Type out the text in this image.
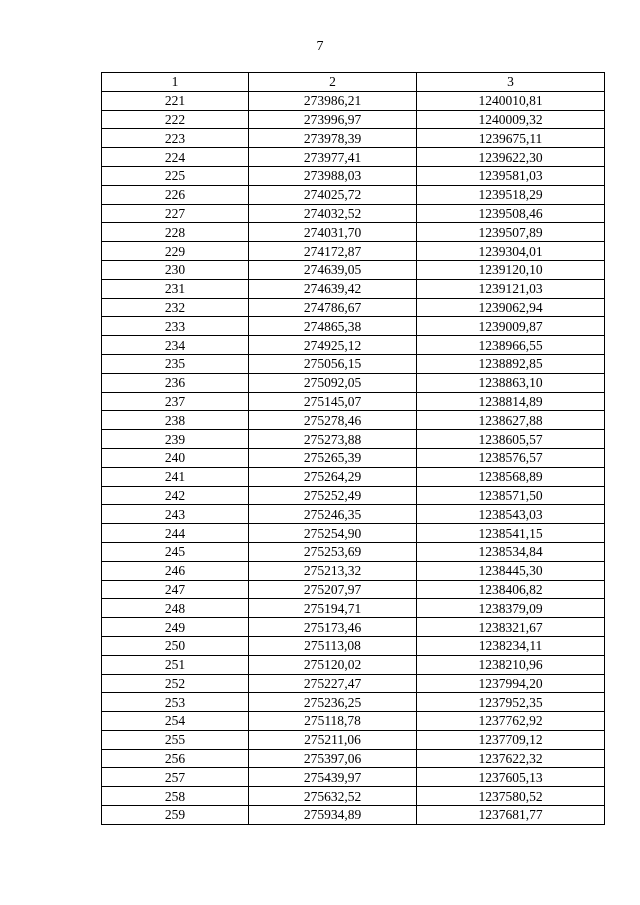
7
1	2	3
221	273986,21	1240010,81
222	273996,97	1240009,32
223	273978,39	1239675,11
224	273977,41	1239622,30
225	273988,03	1239581,03
226	274025,72	1239518,29
227	274032,52	1239508,46
228	274031,70	1239507,89
229	274172,87	1239304,01
230	274639,05	1239120,10
231	274639,42	1239121,03
232	274786,67	1239062,94
233	274865,38	1239009,87
234	274925,12	1238966,55
235	275056,15	1238892,85
236	275092,05	1238863,10
237	275145,07	1238814,89
238	275278,46	1238627,88
239	275273,88	1238605,57
240	275265,39	1238576,57
241	275264,29	1238568,89
242	275252,49	1238571,50
243	275246,35	1238543,03
244	275254,90	1238541,15
245	275253,69	1238534,84
246	275213,32	1238445,30
247	275207,97	1238406,82
248	275194,71	1238379,09
249	275173,46	1238321,67
250	275113,08	1238234,11
251	275120,02	1238210,96
252	275227,47	1237994,20
253	275236,25	1237952,35
254	275118,78	1237762,92
255	275211,06	1237709,12
256	275397,06	1237622,32
257	275439,97	1237605,13
258	275632,52	1237580,52
259	275934,89	1237681,77
